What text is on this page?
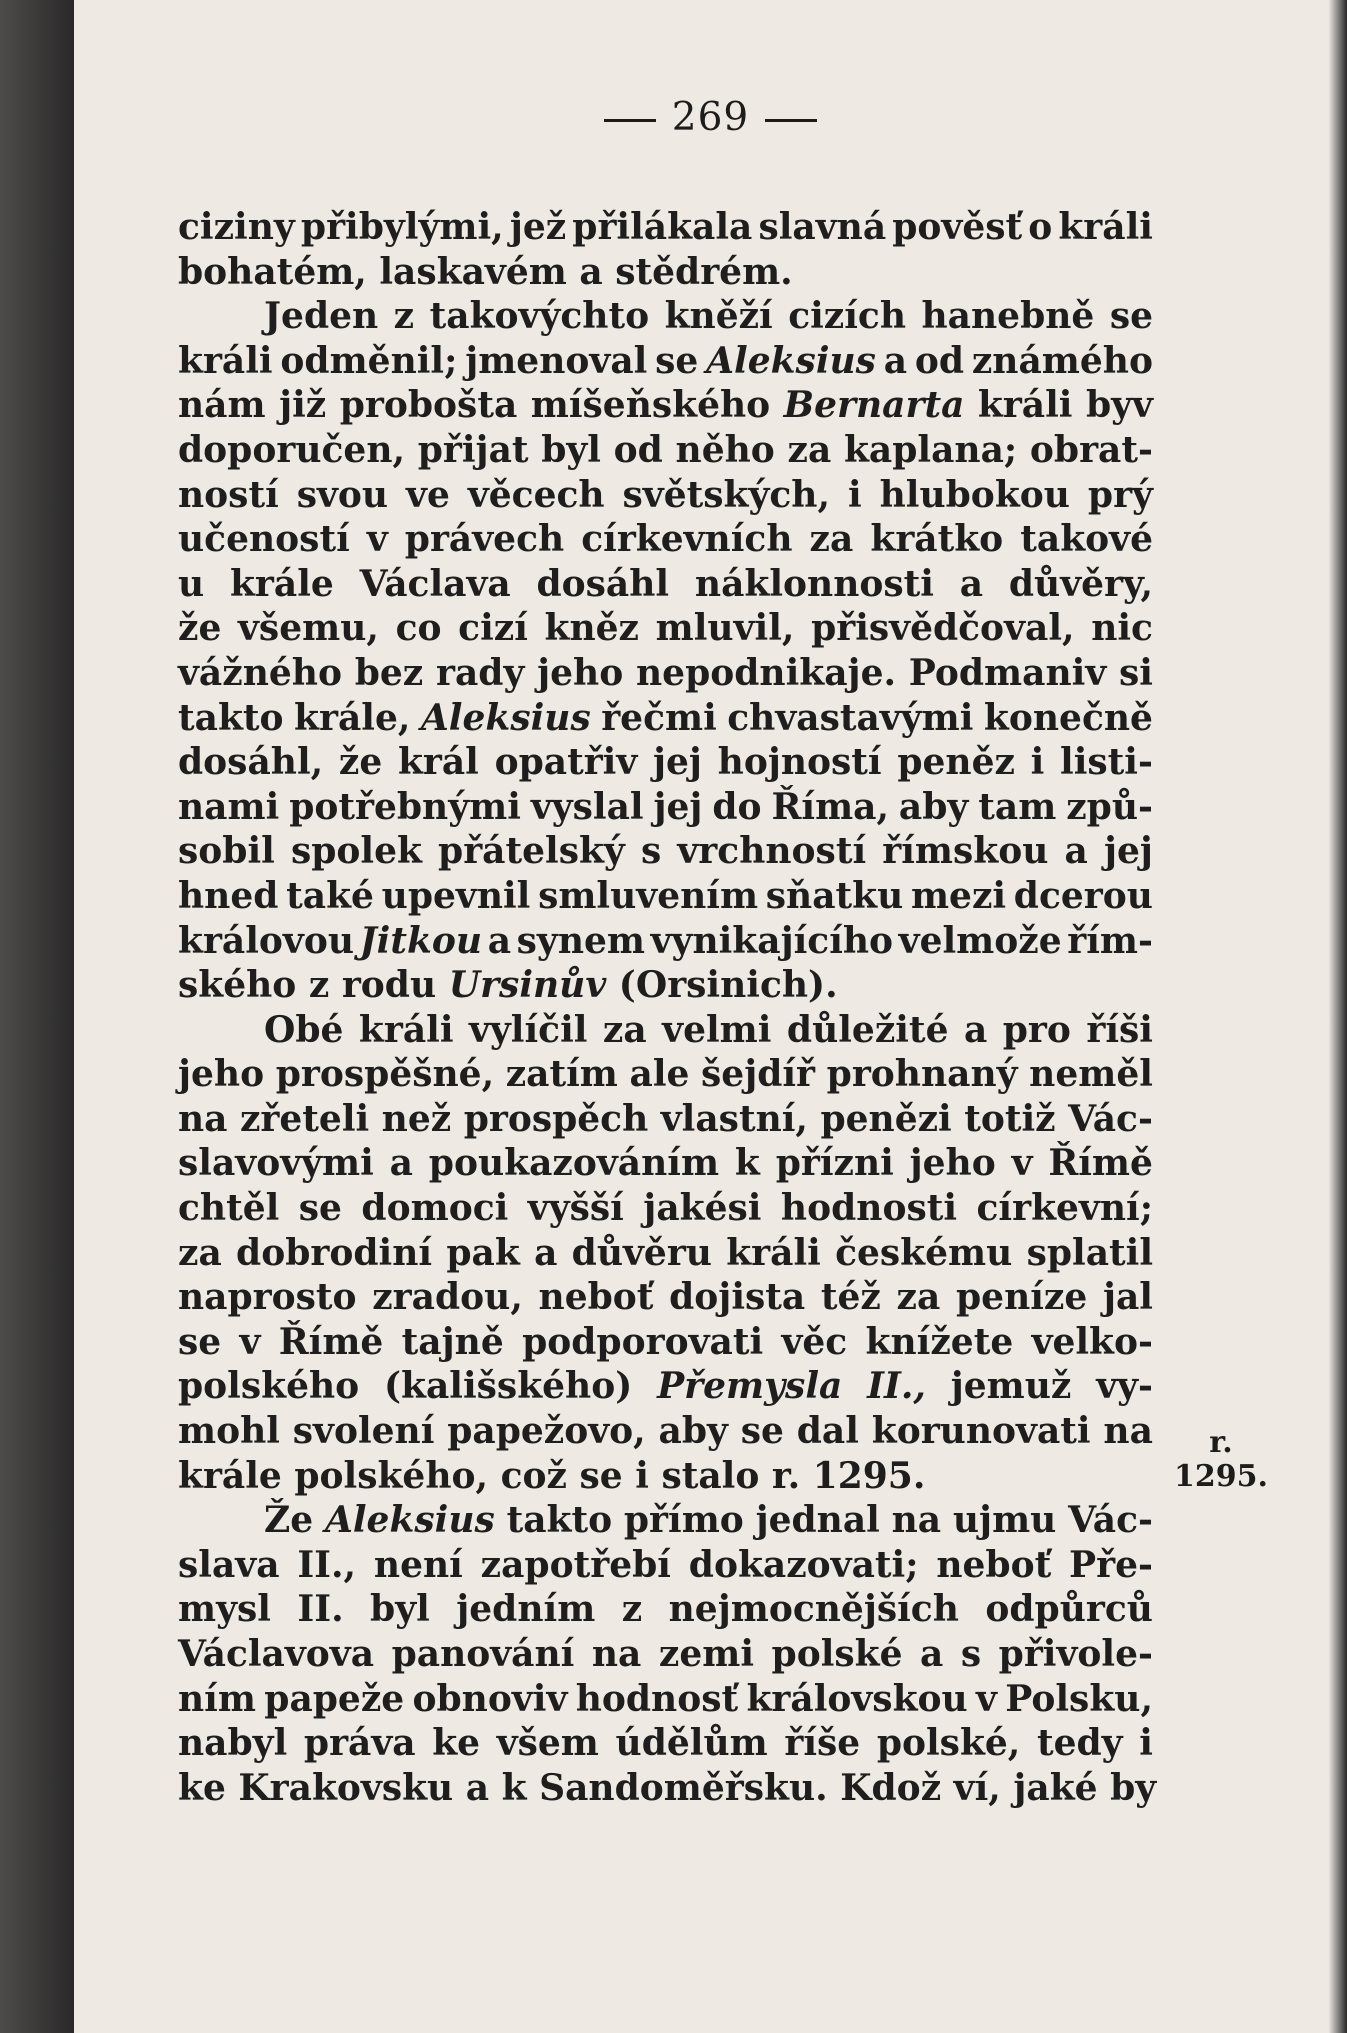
269
ciziny přibylými, jež přilákala slavná pověsť o králi
bohatém, laskavém a stědrém.
Jeden z takovýchto kněží cizích hanebně se
králi odměnil; jmenoval se Aleksius a od známého
nám již probošta míšeňského Bernarta králi byv
doporučen, přijat byl od něho za kaplana; obrat-
ností svou ve věcech světských, i hlubokou prý
učeností v právech církevních za krátko takové
u krále Václava dosáhl náklonnosti a důvěry,
že všemu, co cizí kněz mluvil, přisvědčoval, nic
vážného bez rady jeho nepodnikaje. Podmaniv si
takto krále, Aleksius řečmi chvastavými konečně
dosáhl, že král opatřiv jej hojností peněz i listi-
nami potřebnými vyslal jej do Říma, aby tam způ-
sobil spolek přátelský s vrchností římskou a jej
hned také upevnil smluvením sňatku mezi dcerou
královou Jitkou a synem vynikajícího velmože řím-
ského z rodu Ursinův (Orsinich).
Obé králi vylíčil za velmi důležité a pro říši
jeho prospěšné, zatím ale šejdíř prohnaný neměl
na zřeteli než prospěch vlastní, penězi totiž Vác-
slavovými a poukazováním k přízni jeho v Římě
chtěl se domoci vyšší jakési hodnosti církevní;
za dobrodiní pak a důvěru králi českému splatil
naprosto zradou, neboť dojista též za peníze jal
se v Římě tajně podporovati věc knížete velko-
polského (kališského) Přemysla II., jemuž vy-
mohl svolení papežovo, aby se dal korunovati na
krále polského, což se i stalo r. 1295.
Že Aleksius takto přímo jednal na ujmu Vác-
slava II., není zapotřebí dokazovati; neboť Pře-
mysl II. byl jedním z nejmocnějších odpůrců
Václavova panování na zemi polské a s přivole-
ním papeže obnoviv hodnosť královskou v Polsku,
nabyl práva ke všem údělům říše polské, tedy i
ke Krakovsku a k Sandoměřsku. Kdož ví, jaké by
r.
1295.
